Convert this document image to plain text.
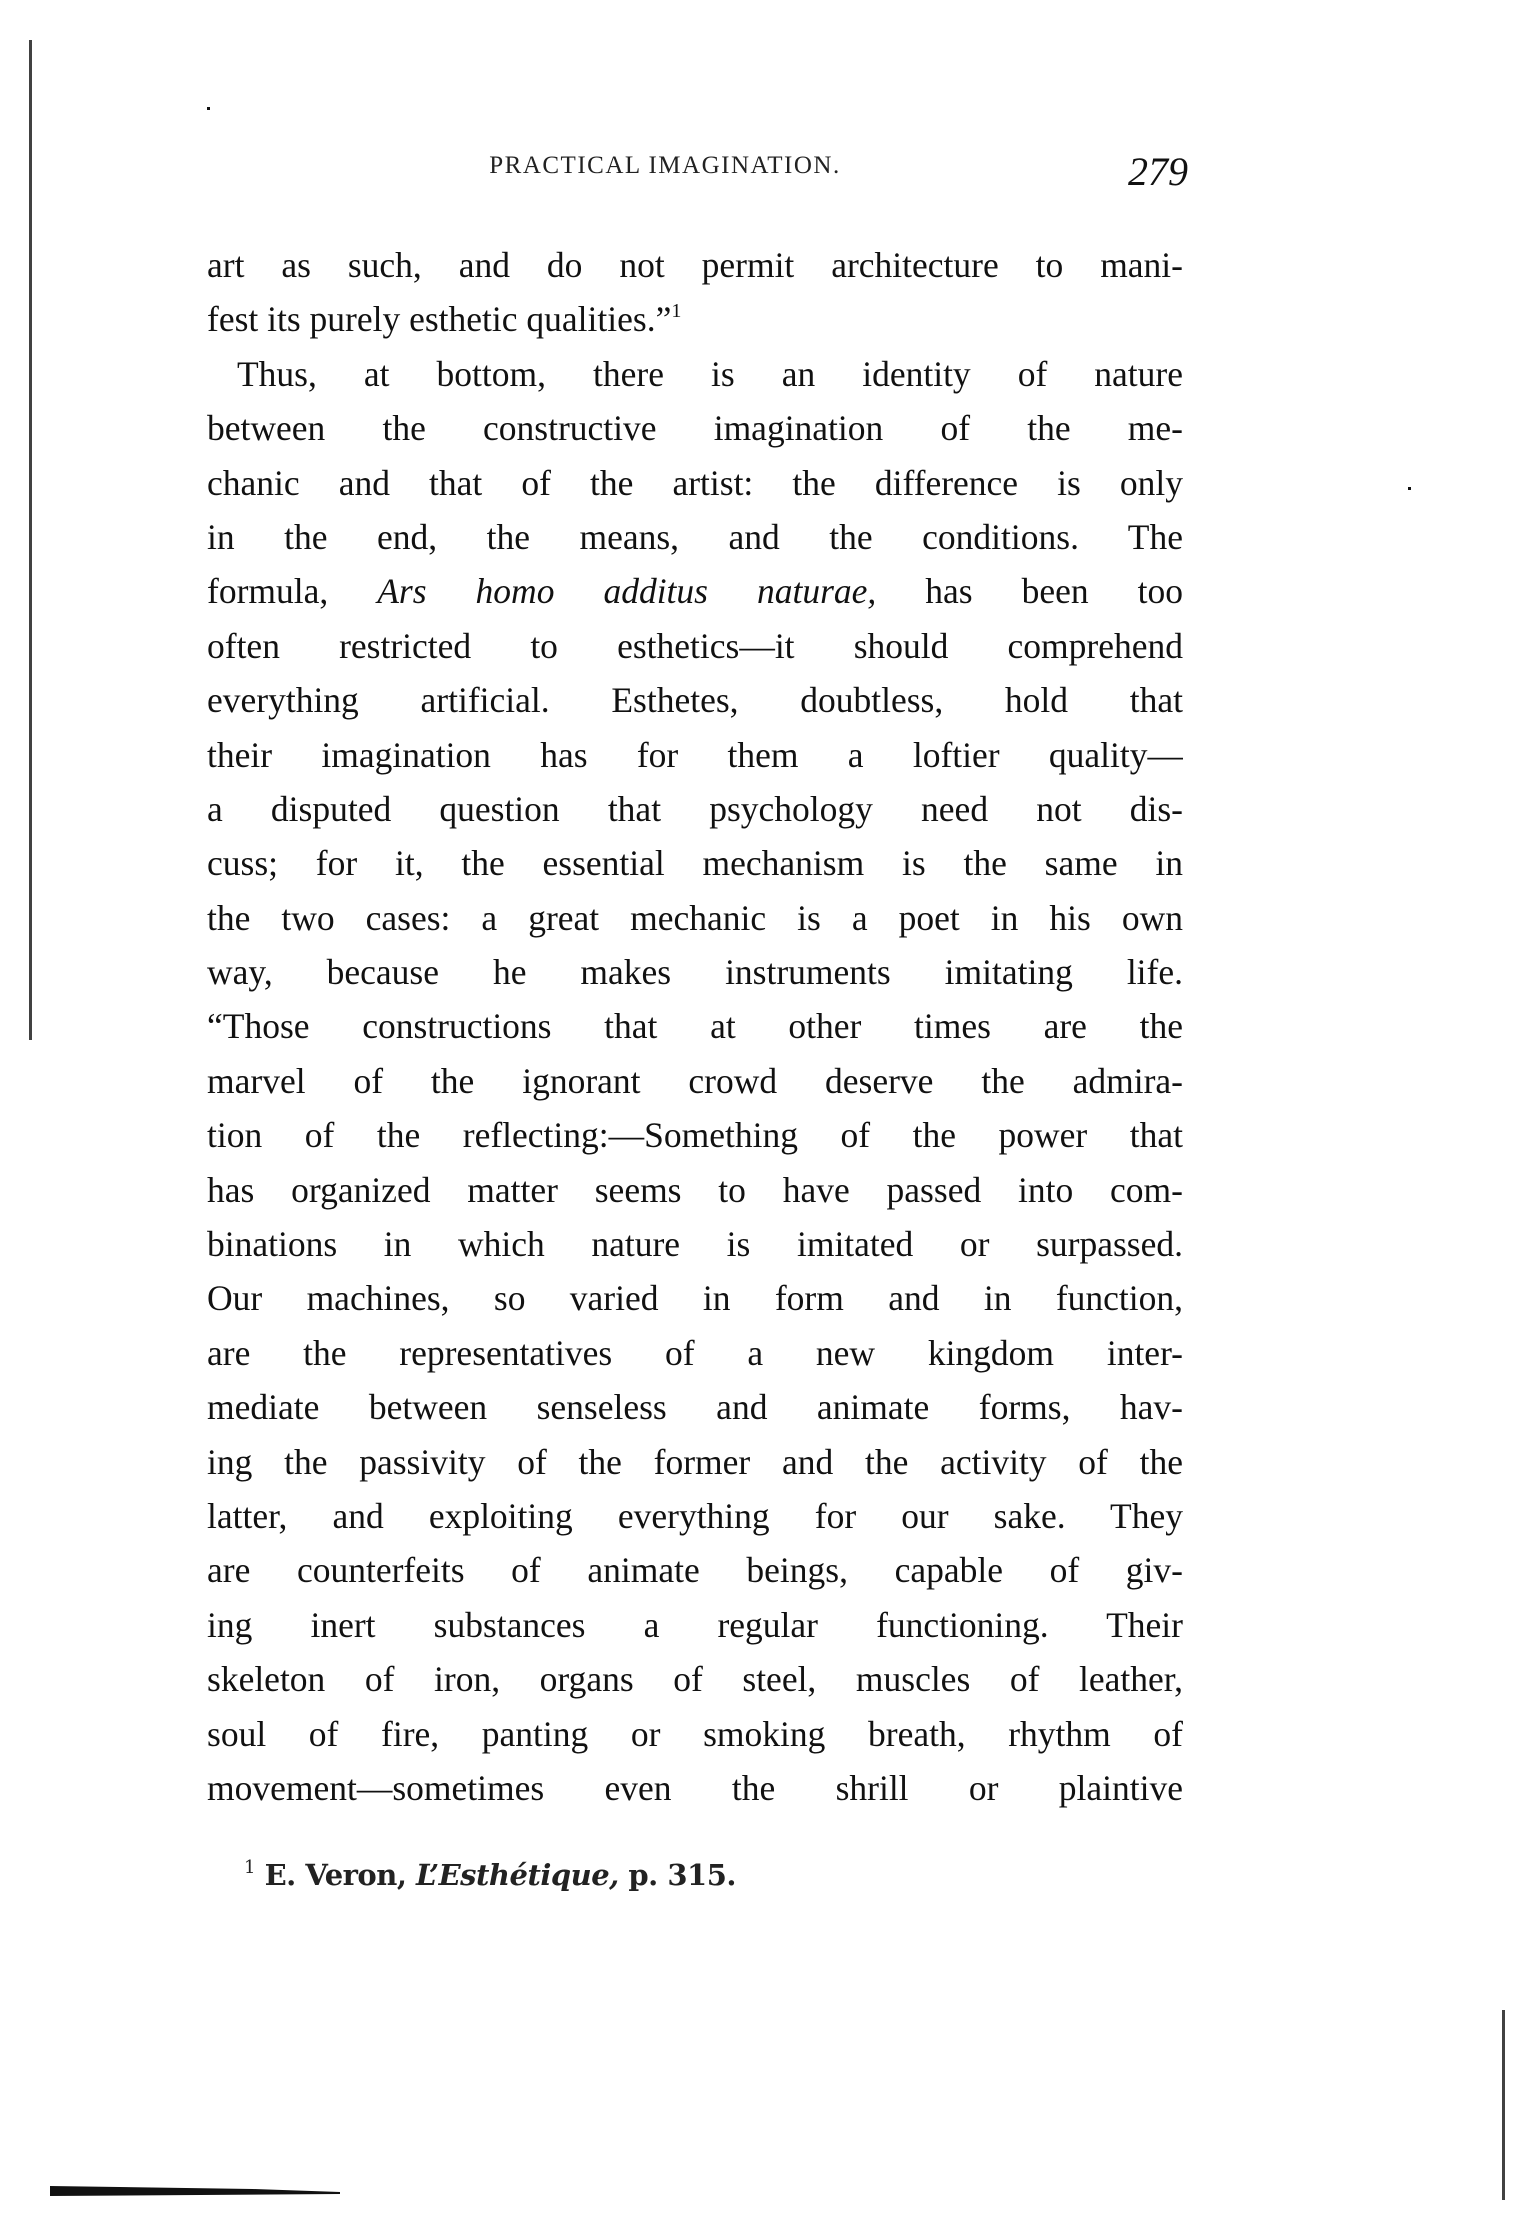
PRACTICAL IMAGINATION.	279
art as such, and do not permit architecture to mani-
fest its purely esthetic qualities.”$^1$
Thus, at bottom, there is an identity of nature
between the constructive imagination of the me-
chanic and that of the artist: the difference is only
in the end, the means, and the conditions. The
formula, Ars homo additus naturae, has been too
often restricted to esthetics—it should comprehend
everything artificial. Esthetes, doubtless, hold that
their imagination has for them a loftier quality—
a disputed question that psychology need not dis-
cuss; for it, the essential mechanism is the same in
the two cases: a great mechanic is a poet in his own
way, because he makes instruments imitating life.
“Those constructions that at other times are the
marvel of the ignorant crowd deserve the admira-
tion of the reflecting:—Something of the power that
has organized matter seems to have passed into com-
binations in which nature is imitated or surpassed.
Our machines, so varied in form and in function,
are the representatives of a new kingdom inter-
mediate between senseless and animate forms, hav-
ing the passivity of the former and the activity of the
latter, and exploiting everything for our sake. They
are counterfeits of animate beings, capable of giv-
ing inert substances a regular functioning. Their
skeleton of iron, organs of steel, muscles of leather,
soul of fire, panting or smoking breath, rhythm of
movement—sometimes even the shrill or plaintive
$^1$ E. Veron, L’Esthétique, p. 315.
